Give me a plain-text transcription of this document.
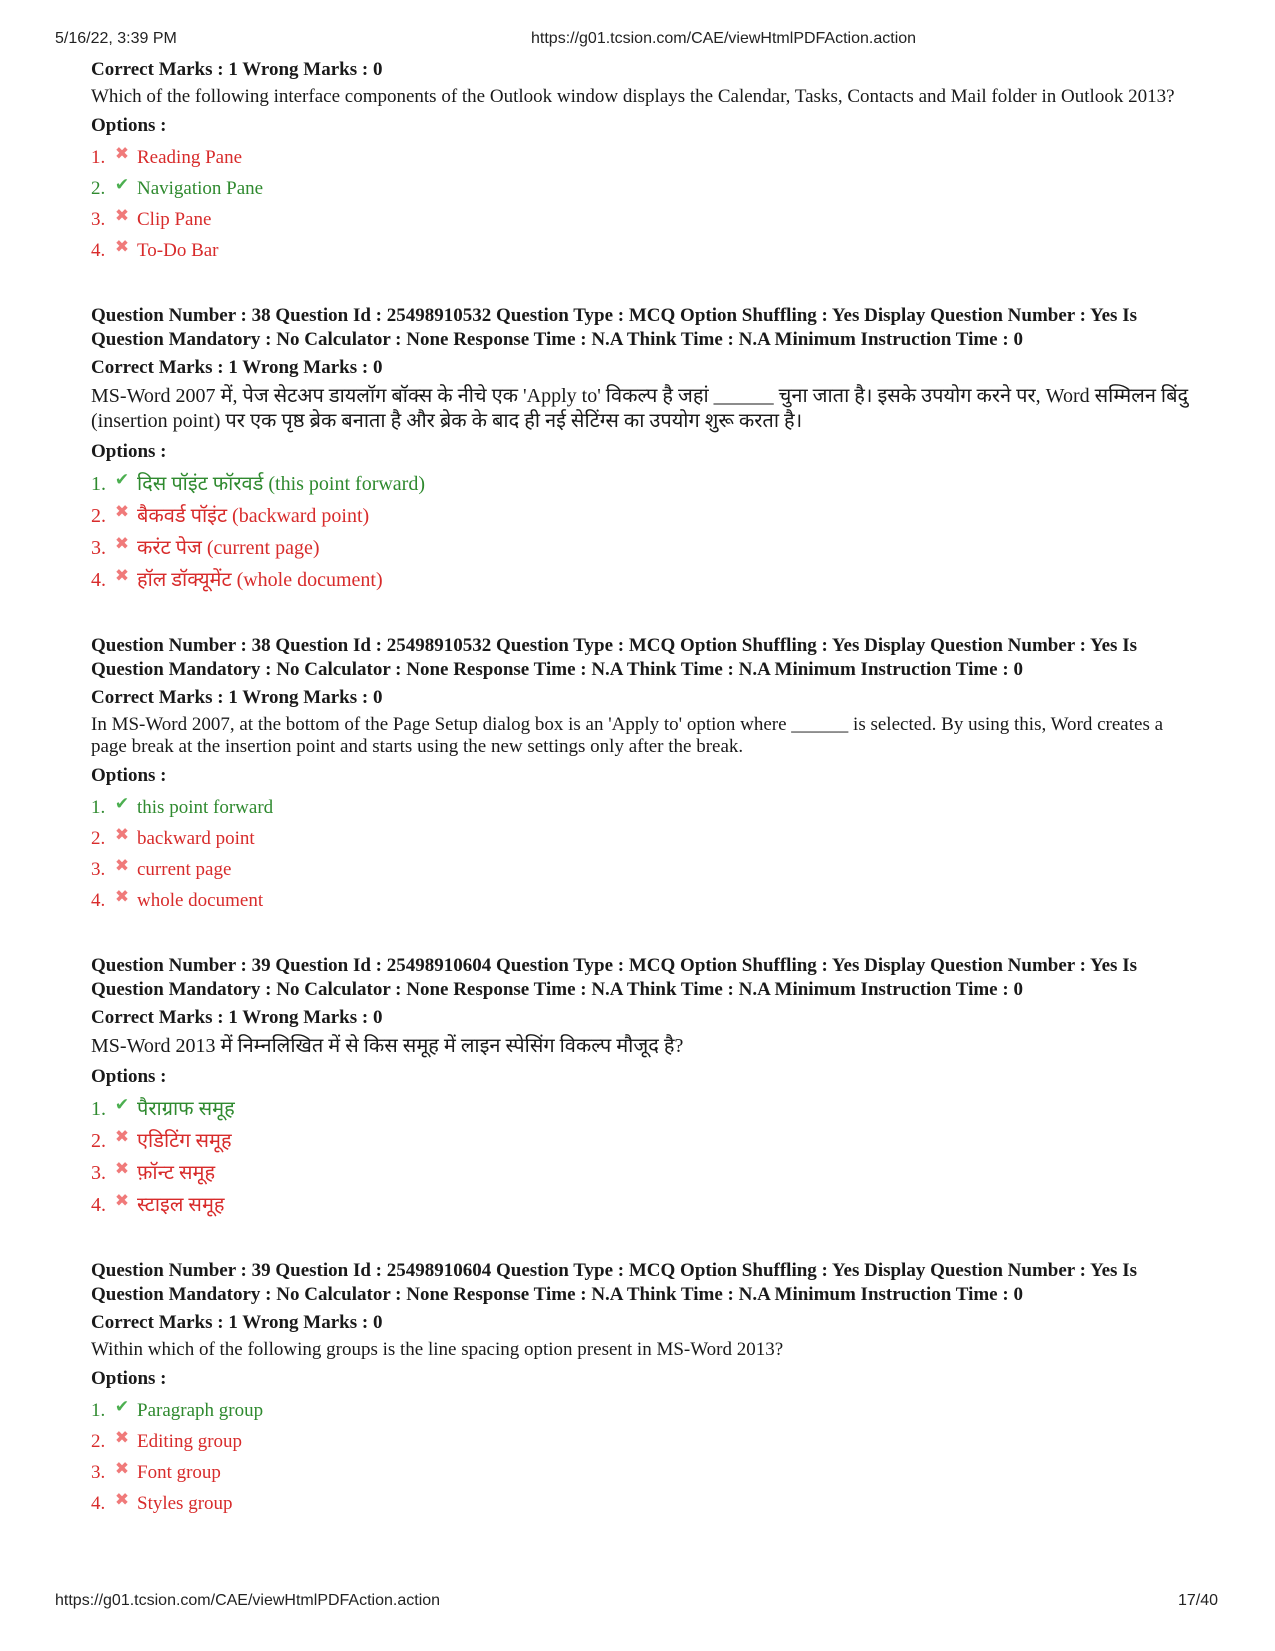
5/16/22, 3:39 PM	https://g01.tcsion.com/CAE/viewHtmlPDFAction.action
Correct Marks : 1 Wrong Marks : 0
Which of the following interface components of the Outlook window displays the Calendar, Tasks, Contacts and Mail folder in Outlook 2013?
Options :
1. ✖ Reading Pane
2. ✔ Navigation Pane
3. ✖ Clip Pane
4. ✖ To-Do Bar
Question Number : 38 Question Id : 25498910532 Question Type : MCQ Option Shuffling : Yes Display Question Number : Yes Is Question Mandatory : No Calculator : None Response Time : N.A Think Time : N.A Minimum Instruction Time : 0
Correct Marks : 1 Wrong Marks : 0
MS-Word 2007 में, पेज सेटअप डायलॉग बॉक्स के नीचे एक 'Apply to' विकल्प है जहां ______ चुना जाता है। इसके उपयोग करने पर, Word सम्मिलन बिंदु (insertion point) पर एक पृष्ठ ब्रेक बनाता है और ब्रेक के बाद ही नई सेटिंग्स का उपयोग शुरू करता है।
Options :
1. ✔ दिस पॉइंट फॉरवर्ड (this point forward)
2. ✖ बैकवर्ड पॉइंट (backward point)
3. ✖ करंट पेज (current page)
4. ✖ हॉल डॉक्यूमेंट (whole document)
Question Number : 38 Question Id : 25498910532 Question Type : MCQ Option Shuffling : Yes Display Question Number : Yes Is Question Mandatory : No Calculator : None Response Time : N.A Think Time : N.A Minimum Instruction Time : 0
Correct Marks : 1 Wrong Marks : 0
In MS-Word 2007, at the bottom of the Page Setup dialog box is an 'Apply to' option where ______ is selected. By using this, Word creates a page break at the insertion point and starts using the new settings only after the break.
Options :
1. ✔ this point forward
2. ✖ backward point
3. ✖ current page
4. ✖ whole document
Question Number : 39 Question Id : 25498910604 Question Type : MCQ Option Shuffling : Yes Display Question Number : Yes Is Question Mandatory : No Calculator : None Response Time : N.A Think Time : N.A Minimum Instruction Time : 0
Correct Marks : 1 Wrong Marks : 0
MS-Word 2013 में निम्नलिखित में से किस समूह में लाइन स्पेसिंग विकल्प मौजूद है?
Options :
1. ✔ पैराग्राफ समूह
2. ✖ एडिटिंग समूह
3. ✖ फ़ॉन्ट समूह
4. ✖ स्टाइल समूह
Question Number : 39 Question Id : 25498910604 Question Type : MCQ Option Shuffling : Yes Display Question Number : Yes Is Question Mandatory : No Calculator : None Response Time : N.A Think Time : N.A Minimum Instruction Time : 0
Correct Marks : 1 Wrong Marks : 0
Within which of the following groups is the line spacing option present in MS-Word 2013?
Options :
1. ✔ Paragraph group
2. ✖ Editing group
3. ✖ Font group
4. ✖ Styles group
https://g01.tcsion.com/CAE/viewHtmlPDFAction.action	17/40
